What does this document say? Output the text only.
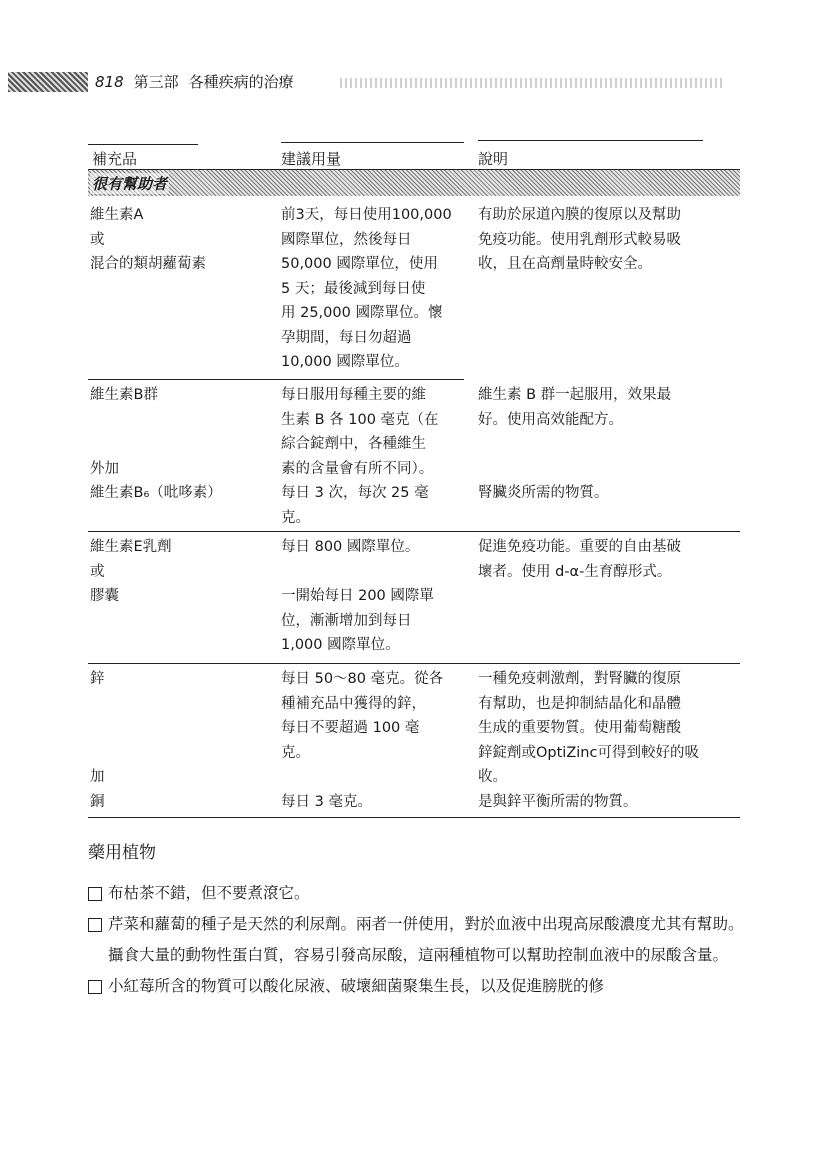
818 第三部 各種疾病的治療
補充品	建議用量	說明
很有幫助者

維生素A

或

混合的類胡蘿蔔素

前3天，每日使用100,000

國際單位，然後每日

50,000 國際單位，使用

5 天；最後減到每日使

用 25,000 國際單位。懷

孕期間，每日勿超過

10,000 國際單位。

有助於尿道內膜的復原以及幫助

免疫功能。使用乳劑形式較易吸

收，且在高劑量時較安全。

維生素B群

外加

維生素B₆（吡哆素）

每日服用每種主要的維

生素 B 各 100 毫克（在

綜合錠劑中，各種維生

素的含量會有所不同）。

每日 3 次，每次 25 毫

克。

維生素 B 群一起服用，效果最

好。使用高效能配方。

腎臟炎所需的物質。

維生素E乳劑

或

膠囊

每日 800 國際單位。

一開始每日 200 國際單

位，漸漸增加到每日

1,000 國際單位。

促進免疫功能。重要的自由基破

壞者。使用 d-α-生育醇形式。

鋅

加

銅

每日 50～80 毫克。從各

種補充品中獲得的鋅，

每日不要超過 100 毫

克。

每日 3 毫克。

一種免疫刺激劑，對腎臟的復原

有幫助，也是抑制結晶化和晶體

生成的重要物質。使用葡萄糖酸

鋅錠劑或OptiZinc可得到較好的吸

收。

是與鋅平衡所需的物質。

藥用植物
布枯茶不錯，但不要煮滾它。
芹菜和蘿蔔的種子是天然的利尿劑。兩者一併使用，對於血液中出現高尿酸濃度尤其有幫助。攝食大量的動物性蛋白質，容易引發高尿酸，這兩種植物可以幫助控制血液中的尿酸含量。
小紅莓所含的物質可以酸化尿液、破壞細菌聚集生長，以及促進膀胱的修
